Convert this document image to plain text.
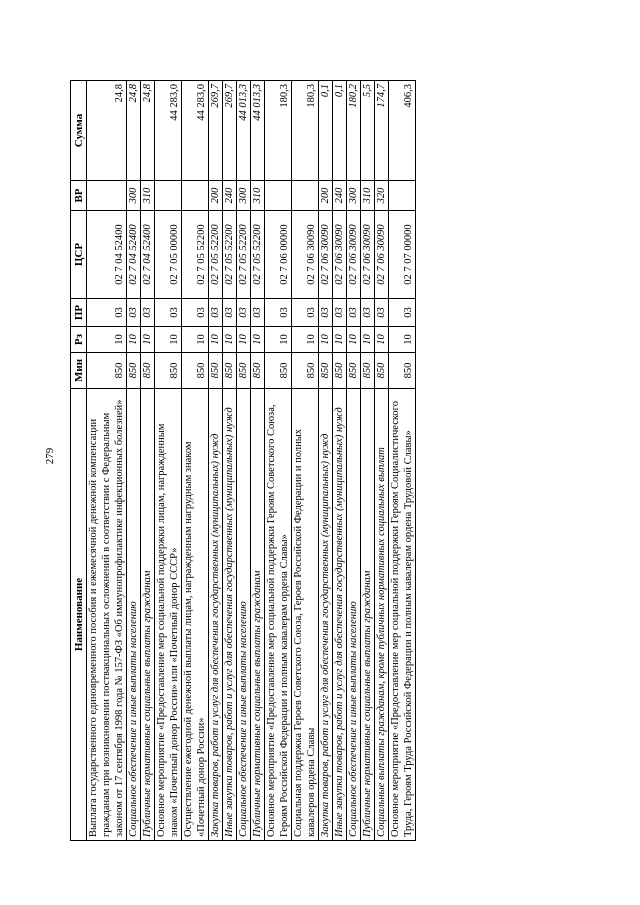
279
Наименование	Мин	Рз	ПР	ЦСР	ВР	Сумма
Выплата государственного единовременного пособия и ежемесячной денежной компенсации гражданам при возникновении поствакцинальных осложнений в соответствии с Федеральным законом от 17 сентября 1998 года № 157-ФЗ «Об иммунопрофилактике инфекционных болезней»	850	10	03	02 7 04 52400		24,8
Социальное обеспечение и иные выплаты населению	850	10	03	02 7 04 52400	300	24,8
Публичные нормативные социальные выплаты гражданам	850	10	03	02 7 04 52400	310	24,8
Основное мероприятие «Предоставление мер социальной поддержки лицам, награжденным знаком «Почетный донор России» или «Почетный донор СССР»	850	10	03	02 7 05 00000		44 283,0
Осуществление ежегодной денежной выплаты лицам, награжденным нагрудным знаком «Почетный донор России»	850	10	03	02 7 05 52200		44 283,0
Закупка товаров, работ и услуг для обеспечения государственных (муниципальных) нужд	850	10	03	02 7 05 52200	200	269,7
Иные закупки товаров, работ и услуг для обеспечения государственных (муниципальных) нужд	850	10	03	02 7 05 52200	240	269,7
Социальное обеспечение и иные выплаты населению	850	10	03	02 7 05 52200	300	44 013,3
Публичные нормативные социальные выплаты гражданам	850	10	03	02 7 05 52200	310	44 013,3
Основное мероприятие «Предоставление мер социальной поддержки Героям Советского Союза, Героям Российской Федерации и полным кавалерам ордена Славы»	850	10	03	02 7 06 00000		180,3
Социальная поддержка Героев Советского Союза, Героев Российской Федерации и полных кавалеров ордена Славы	850	10	03	02 7 06 30090		180,3
Закупка товаров, работ и услуг для обеспечения государственных (муниципальных) нужд	850	10	03	02 7 06 30090	200	0,1
Иные закупки товаров, работ и услуг для обеспечения государственных (муниципальных) нужд	850	10	03	02 7 06 30090	240	0,1
Социальное обеспечение и иные выплаты населению	850	10	03	02 7 06 30090	300	180,2
Публичные нормативные социальные выплаты гражданам	850	10	03	02 7 06 30090	310	5,5
Социальные выплаты гражданам, кроме публичных нормативных социальных выплат	850	10	03	02 7 06 30090	320	174,7
Основное мероприятие «Предоставление мер социальной поддержки Героям Социалистического Труда, Героям Труда Российской Федерации и полным кавалерам ордена Трудовой Славы»	850	10	03	02 7 07 00000		406,3
